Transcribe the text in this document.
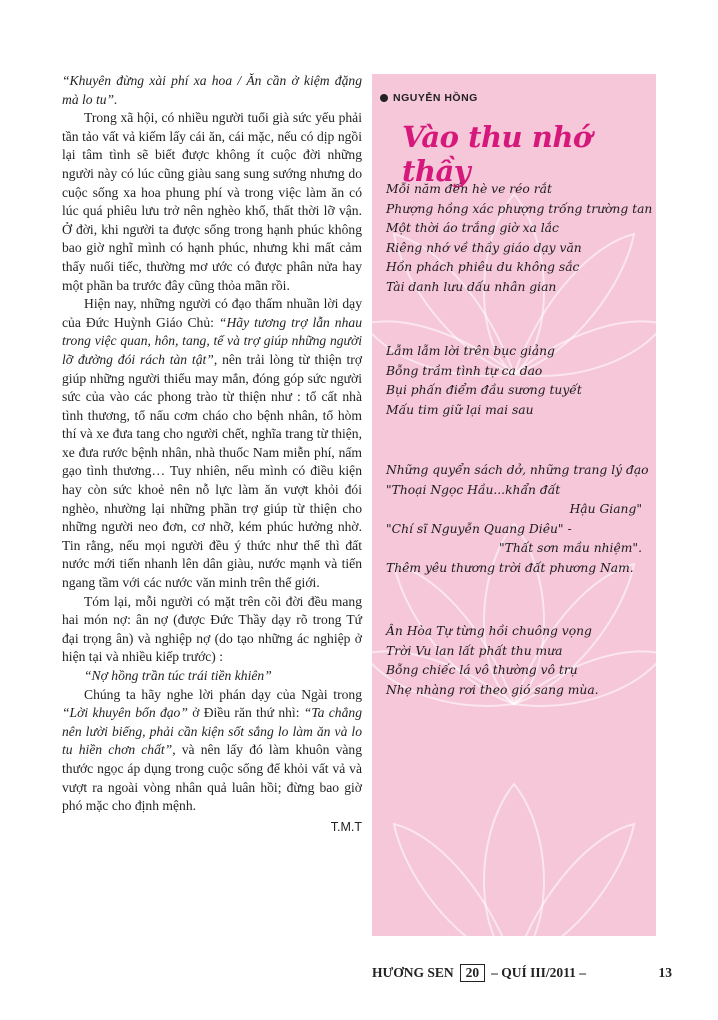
“Khuyên đừng xài phí xa hoa / Ăn cần ở kiệm đặng mà lo tu”.

Trong xã hội, có nhiều người tuổi già sức yếu phải tần tảo vất vả kiếm lấy cái ăn, cái mặc, nếu có dịp ngồi lại tâm tình sẽ biết được không ít cuộc đời những người này có lúc cũng giàu sang sung sướng nhưng do cuộc sống xa hoa phung phí và trong việc làm ăn có lúc quá phiêu lưu trở nên nghèo khổ, thất thời lỡ vận. Ở đời, khi người ta được sống trong hạnh phúc không bao giờ nghĩ mình có hạnh phúc, nhưng khi mất cảm thấy nuối tiếc, thường mơ ước có được phân nửa hay một phần ba trước đây cũng thỏa mãn rồi.

Hiện nay, những người có đạo thấm nhuần lời dạy của Đức Huỳnh Giáo Chủ: “Hãy tương trợ lẫn nhau trong việc quan, hôn, tang, tế và trợ giúp những người lỡ đường đói rách tàn tật”, nên trải lòng từ thiện trợ giúp những người thiếu may mắn, đóng góp sức người sức của vào các phong trào từ thiện như : tổ cất nhà tình thương, tổ nấu cơm cháo cho bệnh nhân, tổ hòm thí và xe đưa tang cho người chết, nghĩa trang từ thiện, xe đưa rước bệnh nhân, nhà thuốc Nam miễn phí, nấm gạo tình thương… Tuy nhiên, nếu mình có điều kiện hay còn sức khoẻ nên nỗ lực làm ăn vượt khỏi đói nghèo, nhường lại những phần trợ giúp từ thiện cho những người neo đơn, cơ nhỡ, kém phúc hưởng nhờ. Tin rằng, nếu mọi người đều ý thức như thế thì đất nước mới tiến nhanh lên dân giàu, nước mạnh và tiến ngang tầm với các nước văn minh trên thế giới.

Tóm lại, mỗi người có mặt trên cõi đời đều mang hai món nợ: ân nợ (được Đức Thầy dạy rõ trong Tứ đại trọng ân) và nghiệp nợ (do tạo những ác nghiệp ở hiện tại và nhiều kiếp trước) :

“Nợ hồng trần túc trái tiền khiên”

Chúng ta hãy nghe lời phán dạy của Ngài trong “Lời khuyên bổn đạo” ở Điều răn thứ nhì: “Ta chẳng nên lười biếng, phải cần kiện sốt sắng lo làm ăn và lo tu hiền chơn chất”, và nên lấy đó làm khuôn vàng thước ngọc áp dụng trong cuộc sống để khỏi vất vả và vượt ra ngoài vòng nhân quả luân hồi; đừng bao giờ phó mặc cho định mệnh.

T.M.T
NGUYỄN HỒNG
Vào thu nhớ thầy
Mỗi năm đến hè ve réo rắt
Phượng hồng xác phượng trống trường tan
Một thời áo trắng giờ xa lắc
Riêng nhớ về thầy giáo dạy văn
Hồn phách phiêu du không sắc
Tài danh lưu dấu nhân gian
Lẫm lẫm lời trên bục giảng
Bỗng trầm tình tự ca dao
Bụi phấn điểm đầu sương tuyết
Mấu tim giữ lại mai sau
Những quyển sách dở, những trang lý đạo
"Thoại Ngọc Hầu...khẩn đất
Hậu Giang"
"Chí sĩ Nguyễn Quang Diêu" -
"Thất sơn mầu nhiệm".
Thêm yêu thương trời đất phương Nam.
Ân Hòa Tự từng hồi chuông vọng
Trời Vu lan lất phất thu mưa
Bỗng chiếc lá vô thường vô trụ
Nhẹ nhàng rơi theo gió sang mùa.
HƯƠNG SEN 20 – QUÍ III/2011 –	13
